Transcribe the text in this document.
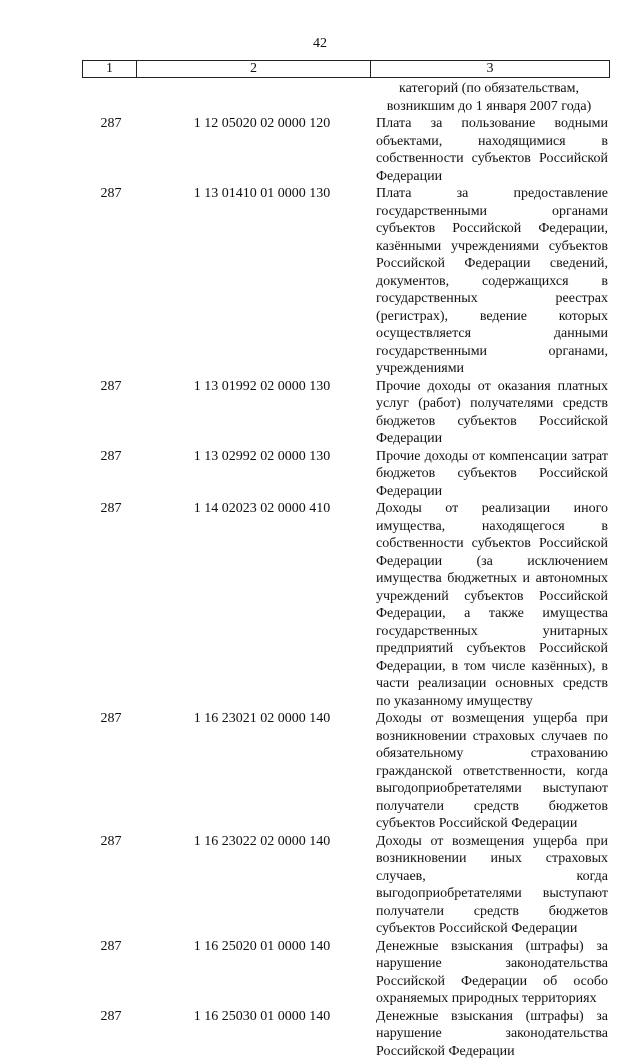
42
1	2	3
категорий (по обязательствам, возникшим до 1 января 2007 года)
287	1 12 05020 02 0000 120	Плата за пользование водными объектами, находящимися в собственности субъектов Российской Федерации
287	1 13 01410 01 0000 130	Плата за предоставление государственными органами субъектов Российской Федерации, казёнными учреждениями субъектов Российской Федерации сведений, документов, содержащихся в государственных реестрах (регистрах), ведение которых осуществляется данными государственными органами, учреждениями
287	1 13 01992 02 0000 130	Прочие доходы от оказания платных услуг (работ) получателями средств бюджетов субъектов Российской Федерации
287	1 13 02992 02 0000 130	Прочие доходы от компенсации затрат бюджетов субъектов Российской Федерации
287	1 14 02023 02 0000 410	Доходы от реализации иного имущества, находящегося в собственности субъектов Российской Федерации (за исключением имущества бюджетных и автономных учреждений субъектов Российской Федерации, а также имущества государственных унитарных предприятий субъектов Российской Федерации, в том числе казённых), в части реализации основных средств по указанному имуществу
287	1 16 23021 02 0000 140	Доходы от возмещения ущерба при возникновении страховых случаев по обязательному страхованию гражданской ответственности, когда выгодоприобретателями выступают получатели средств бюджетов субъектов Российской Федерации
287	1 16 23022 02 0000 140	Доходы от возмещения ущерба при возникновении иных страховых случаев, когда выгодоприобретателями выступают получатели средств бюджетов субъектов Российской Федерации
287	1 16 25020 01 0000 140	Денежные взыскания (штрафы) за нарушение законодательства Российской Федерации об особо охраняемых природных территориях
287	1 16 25030 01 0000 140	Денежные взыскания (штрафы) за нарушение законодательства Российской Федерации
